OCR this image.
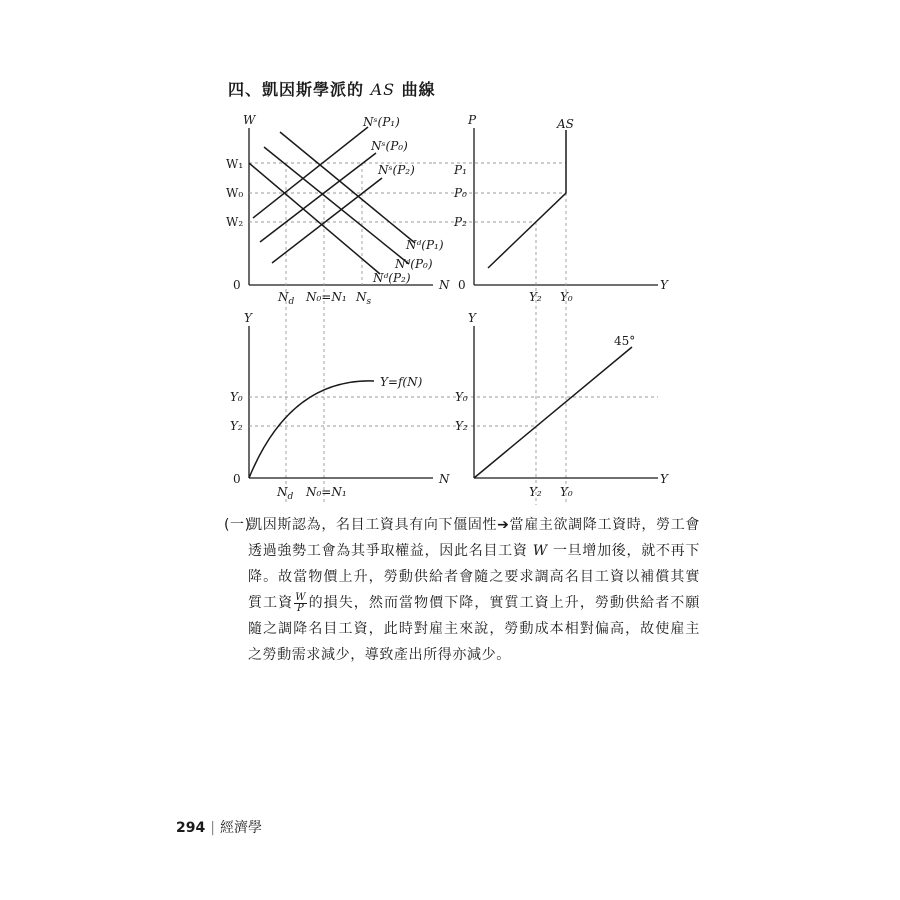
四、凱因斯學派的 AS 曲線
W
W₁
W₀
W₂
0	N
$N_d$ N₀=N₁ $N_s$
Nˢ(P₁)
Nˢ(P₀)
Nˢ(P₂)
Nᵈ(P₁)
Nᵈ(P₀)
Nᵈ(P₂)
P	AS
P₁
P₀
P₂
0	Y
Y₂ Y₀
Y
Y=f(N)
Y₀
Y₂
0	N
$N_d$ N₀=N₁
Y
45°
Y₀
Y₂
Y
Y₂ Y₀
(一)凱因斯認為，名目工資具有向下僵固性➔當雇主欲調降工資時，勞工會透過強勢工會為其爭取權益，因此名目工資 W 一旦增加後，就不再下降。故當物價上升，勞動供給者會隨之要求調高名目工資以補償其實質工資 $\frac{W}{P}$ 的損失，然而當物價下降，實質工資上升，勞動供給者不願隨之調降名目工資，此時對雇主來說，勞動成本相對偏高，故使雇主之勞動需求減少，導致產出所得亦減少。
294 | 經濟學
